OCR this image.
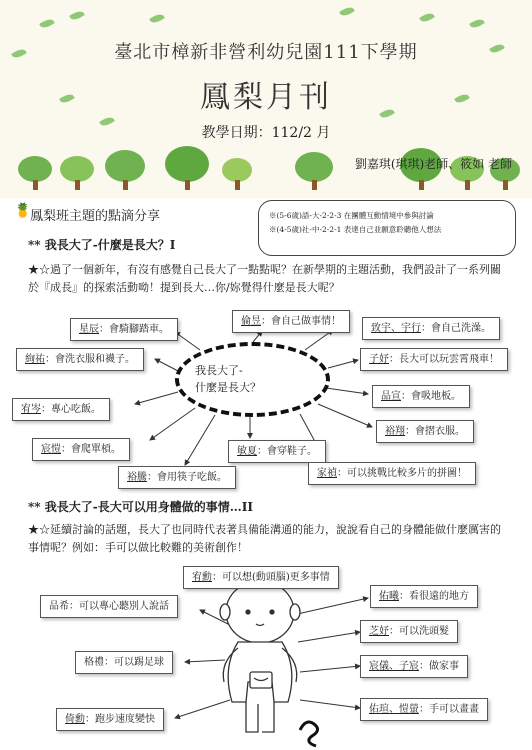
臺北市樟新非營利幼兒園111下學期
鳳梨月刊
教學日期：112/2 月
劉嘉琪(琪琪)老師、筱如 老師
🍍
鳳梨班主題的點滴分享	※(5-6歲)語-大-2-2-3 在團體互動情境中參與討論
※(4-5歲)社-中-2-2-1 表達自己並願意聆聽他人想法
** 我長大了-什麼是長大？I
★☆過了一個新年，有沒有感覺自己長大了一點點呢？在新學期的主題活動，我們設計了一系列關於『成長』的探索活動呦！提到長大…你/妳覺得什麼是長大呢？
我長大了-
什麼是長大？
星辰：會騎腳踏車。
倫昱：會自己做事情！
致宇、宇行：會自己洗澡。
絢祐：會洗衣服和襪子。	子妤：長大可以玩雲霄飛車！
品宣：會吸地板。
宥岑：專心吃飯。
裕翔：會摺衣服。
宸愷：會爬單槓。	敏夏：會穿鞋子。
家禎：可以挑戰比較多片的拼圖！
裕騰：會用筷子吃飯。
** 我長大了-長大可以用身體做的事情…II
★☆延續討論的話題，長大了也同時代表著具備能溝通的能力，說說看自己的身體能做什麼厲害的事情呢？例如：手可以做比較難的美術創作！
宥勳：可以想(動頭腦)更多事情
品希：可以專心聽別人說話
佑曦：看很遠的地方
芝妤：可以洗頭髮
格禮：可以踢足球	宸儀、子宸：做家事
倚勳：跑步速度變快
佑瑄、愷螢：手可以畫畫
